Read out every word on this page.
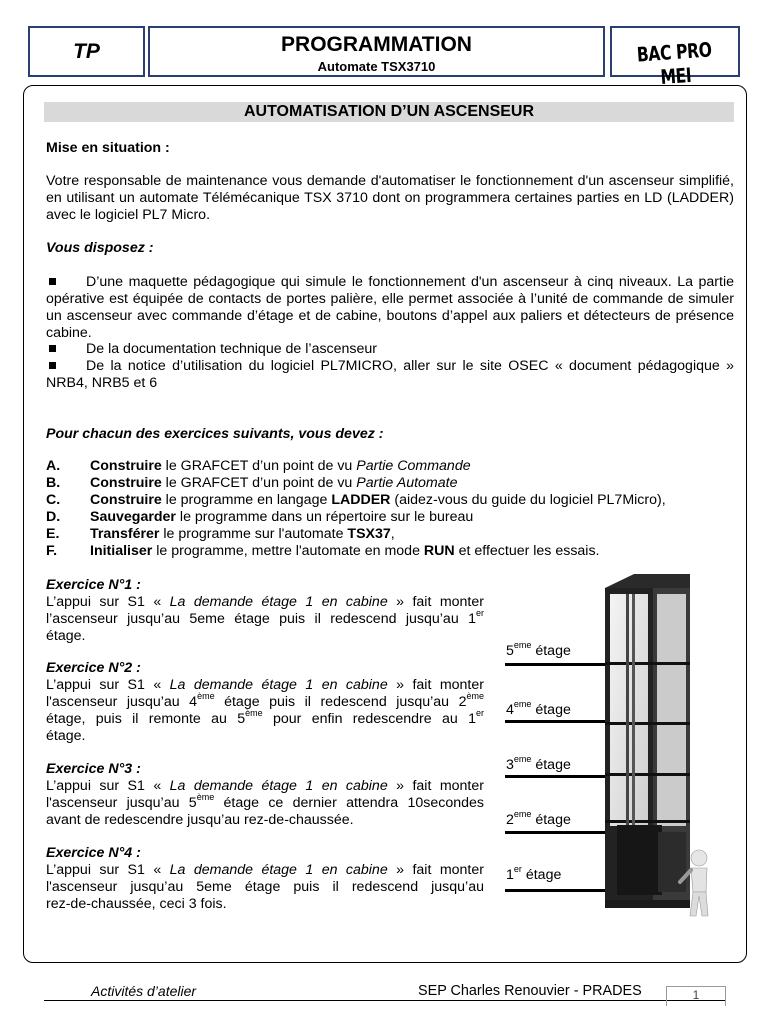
TP	PROGRAMMATION
Automate TSX3710	BAC PRO MEI
AUTOMATISATION D’UN ASCENSEUR
Mise en situation :
Votre responsable de maintenance vous demande d'automatiser le fonctionnement d'un ascenseur simplifié, en utilisant un automate Télémécanique TSX 3710 dont on programmera certaines parties en LD (LADDER) avec le logiciel PL7 Micro.
Vous disposez :
D’une maquette pédagogique qui simule le fonctionnement d'un ascenseur à cinq niveaux. La partie opérative est équipée de contacts de portes palière, elle permet associée à l’unité de commande de simuler un ascenseur avec commande d’étage et de cabine, boutons d’appel aux paliers et détecteurs de présence cabine.
De la documentation technique de l’ascenseur
De la notice d’utilisation du logiciel PL7MICRO, aller sur le site OSEC « document pédagogique » NRB4, NRB5 et 6
Pour chacun des exercices suivants, vous devez :
A. Construire le GRAFCET d’un point de vu Partie Commande
B. Construire le GRAFCET d’un point de vu Partie Automate
C. Construire le programme en langage LADDER (aidez-vous du guide du logiciel PL7Micro),
D. Sauvegarder le programme dans un répertoire sur le bureau
E. Transférer le programme sur l'automate TSX37,
F. Initialiser le programme, mettre l'automate en mode RUN et effectuer les essais.
Exercice N°1 :
L’appui sur S1 « La demande étage 1 en cabine » fait monter
l’ascenseur jusqu’au 5eme étage puis il redescend jusqu’au 1er
étage.
Exercice N°2 :
L’appui sur S1 « La demande étage 1 en cabine » fait monter
l'ascenseur jusqu’au 4ème étage puis il redescend jusqu’au 2ème
étage, puis il remonte au 5ème pour enfin redescendre au 1er
étage.
Exercice N°3 :
L’appui sur S1 « La demande étage 1 en cabine » fait monter
l'ascenseur jusqu’au 5ème étage ce dernier attendra 10secondes
avant de redescendre jusqu’au rez-de-chaussée.
Exercice N°4 :
L’appui sur S1 « La demande étage 1 en cabine » fait monter
l'ascenseur jusqu’au 5eme étage puis il redescend jusqu’au
rez-de-chaussée, ceci 3 fois.
5eme étage
4eme étage
3eme étage
2eme étage
1er étage
Activités d’atelier	SEP Charles Renouvier - PRADES	1
